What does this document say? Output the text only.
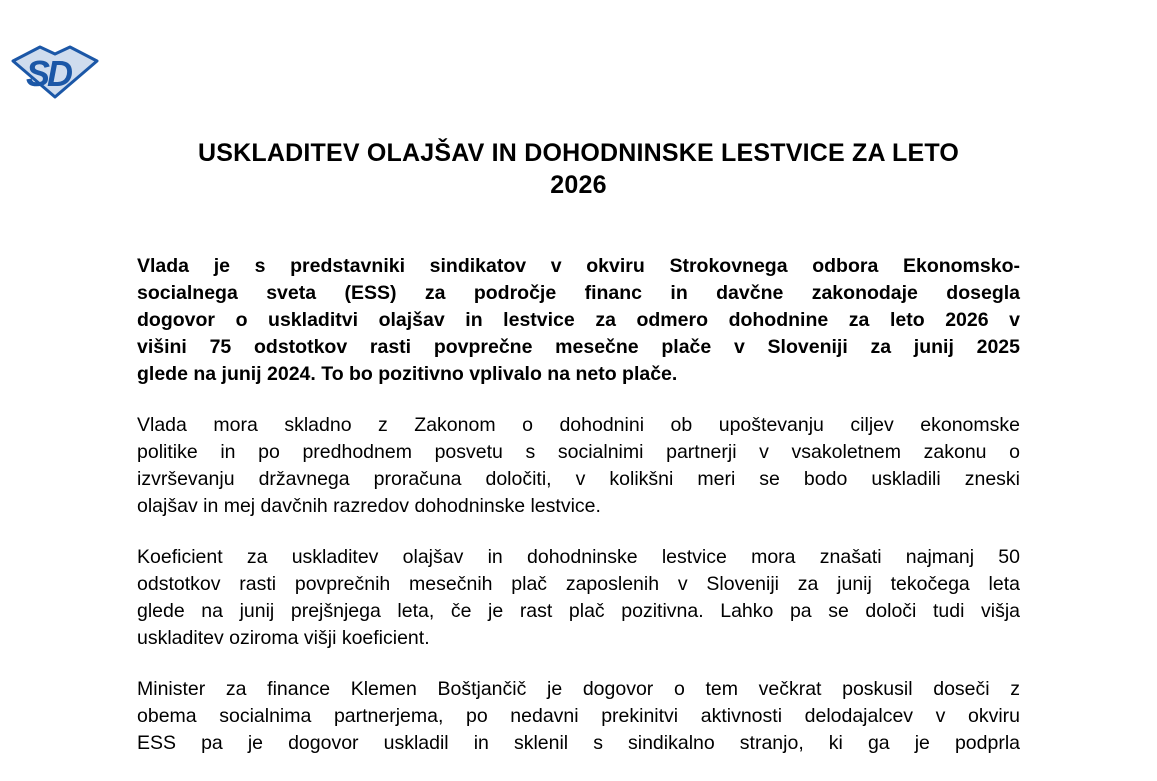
SD
USKLADITEV OLAJŠAV IN DOHODNINSKE LESTVICE ZA LETO
2026
Vlada je s predstavniki sindikatov v okviru Strokovnega odbora Ekonomsko-
socialnega sveta (ESS) za področje financ in davčne zakonodaje dosegla
dogovor o uskladitvi olajšav in lestvice za odmero dohodnine za leto 2026 v
višini 75 odstotkov rasti povprečne mesečne plače v Sloveniji za junij 2025
glede na junij 2024. To bo pozitivno vplivalo na neto plače.
Vlada mora skladno z Zakonom o dohodnini ob upoštevanju ciljev ekonomske
politike in po predhodnem posvetu s socialnimi partnerji v vsakoletnem zakonu o
izvrševanju državnega proračuna določiti, v kolikšni meri se bodo uskladili zneski
olajšav in mej davčnih razredov dohodninske lestvice.
Koeficient za uskladitev olajšav in dohodninske lestvice mora znašati najmanj 50
odstotkov rasti povprečnih mesečnih plač zaposlenih v Sloveniji za junij tekočega leta
glede na junij prejšnjega leta, če je rast plač pozitivna. Lahko pa se določi tudi višja
uskladitev oziroma višji koeficient.
Minister za finance Klemen Boštjančič je dogovor o tem večkrat poskusil doseči z
obema socialnima partnerjema, po nedavni prekinitvi aktivnosti delodajalcev v okviru
ESS pa je dogovor uskladil in sklenil s sindikalno stranjo, ki ga je podprla
